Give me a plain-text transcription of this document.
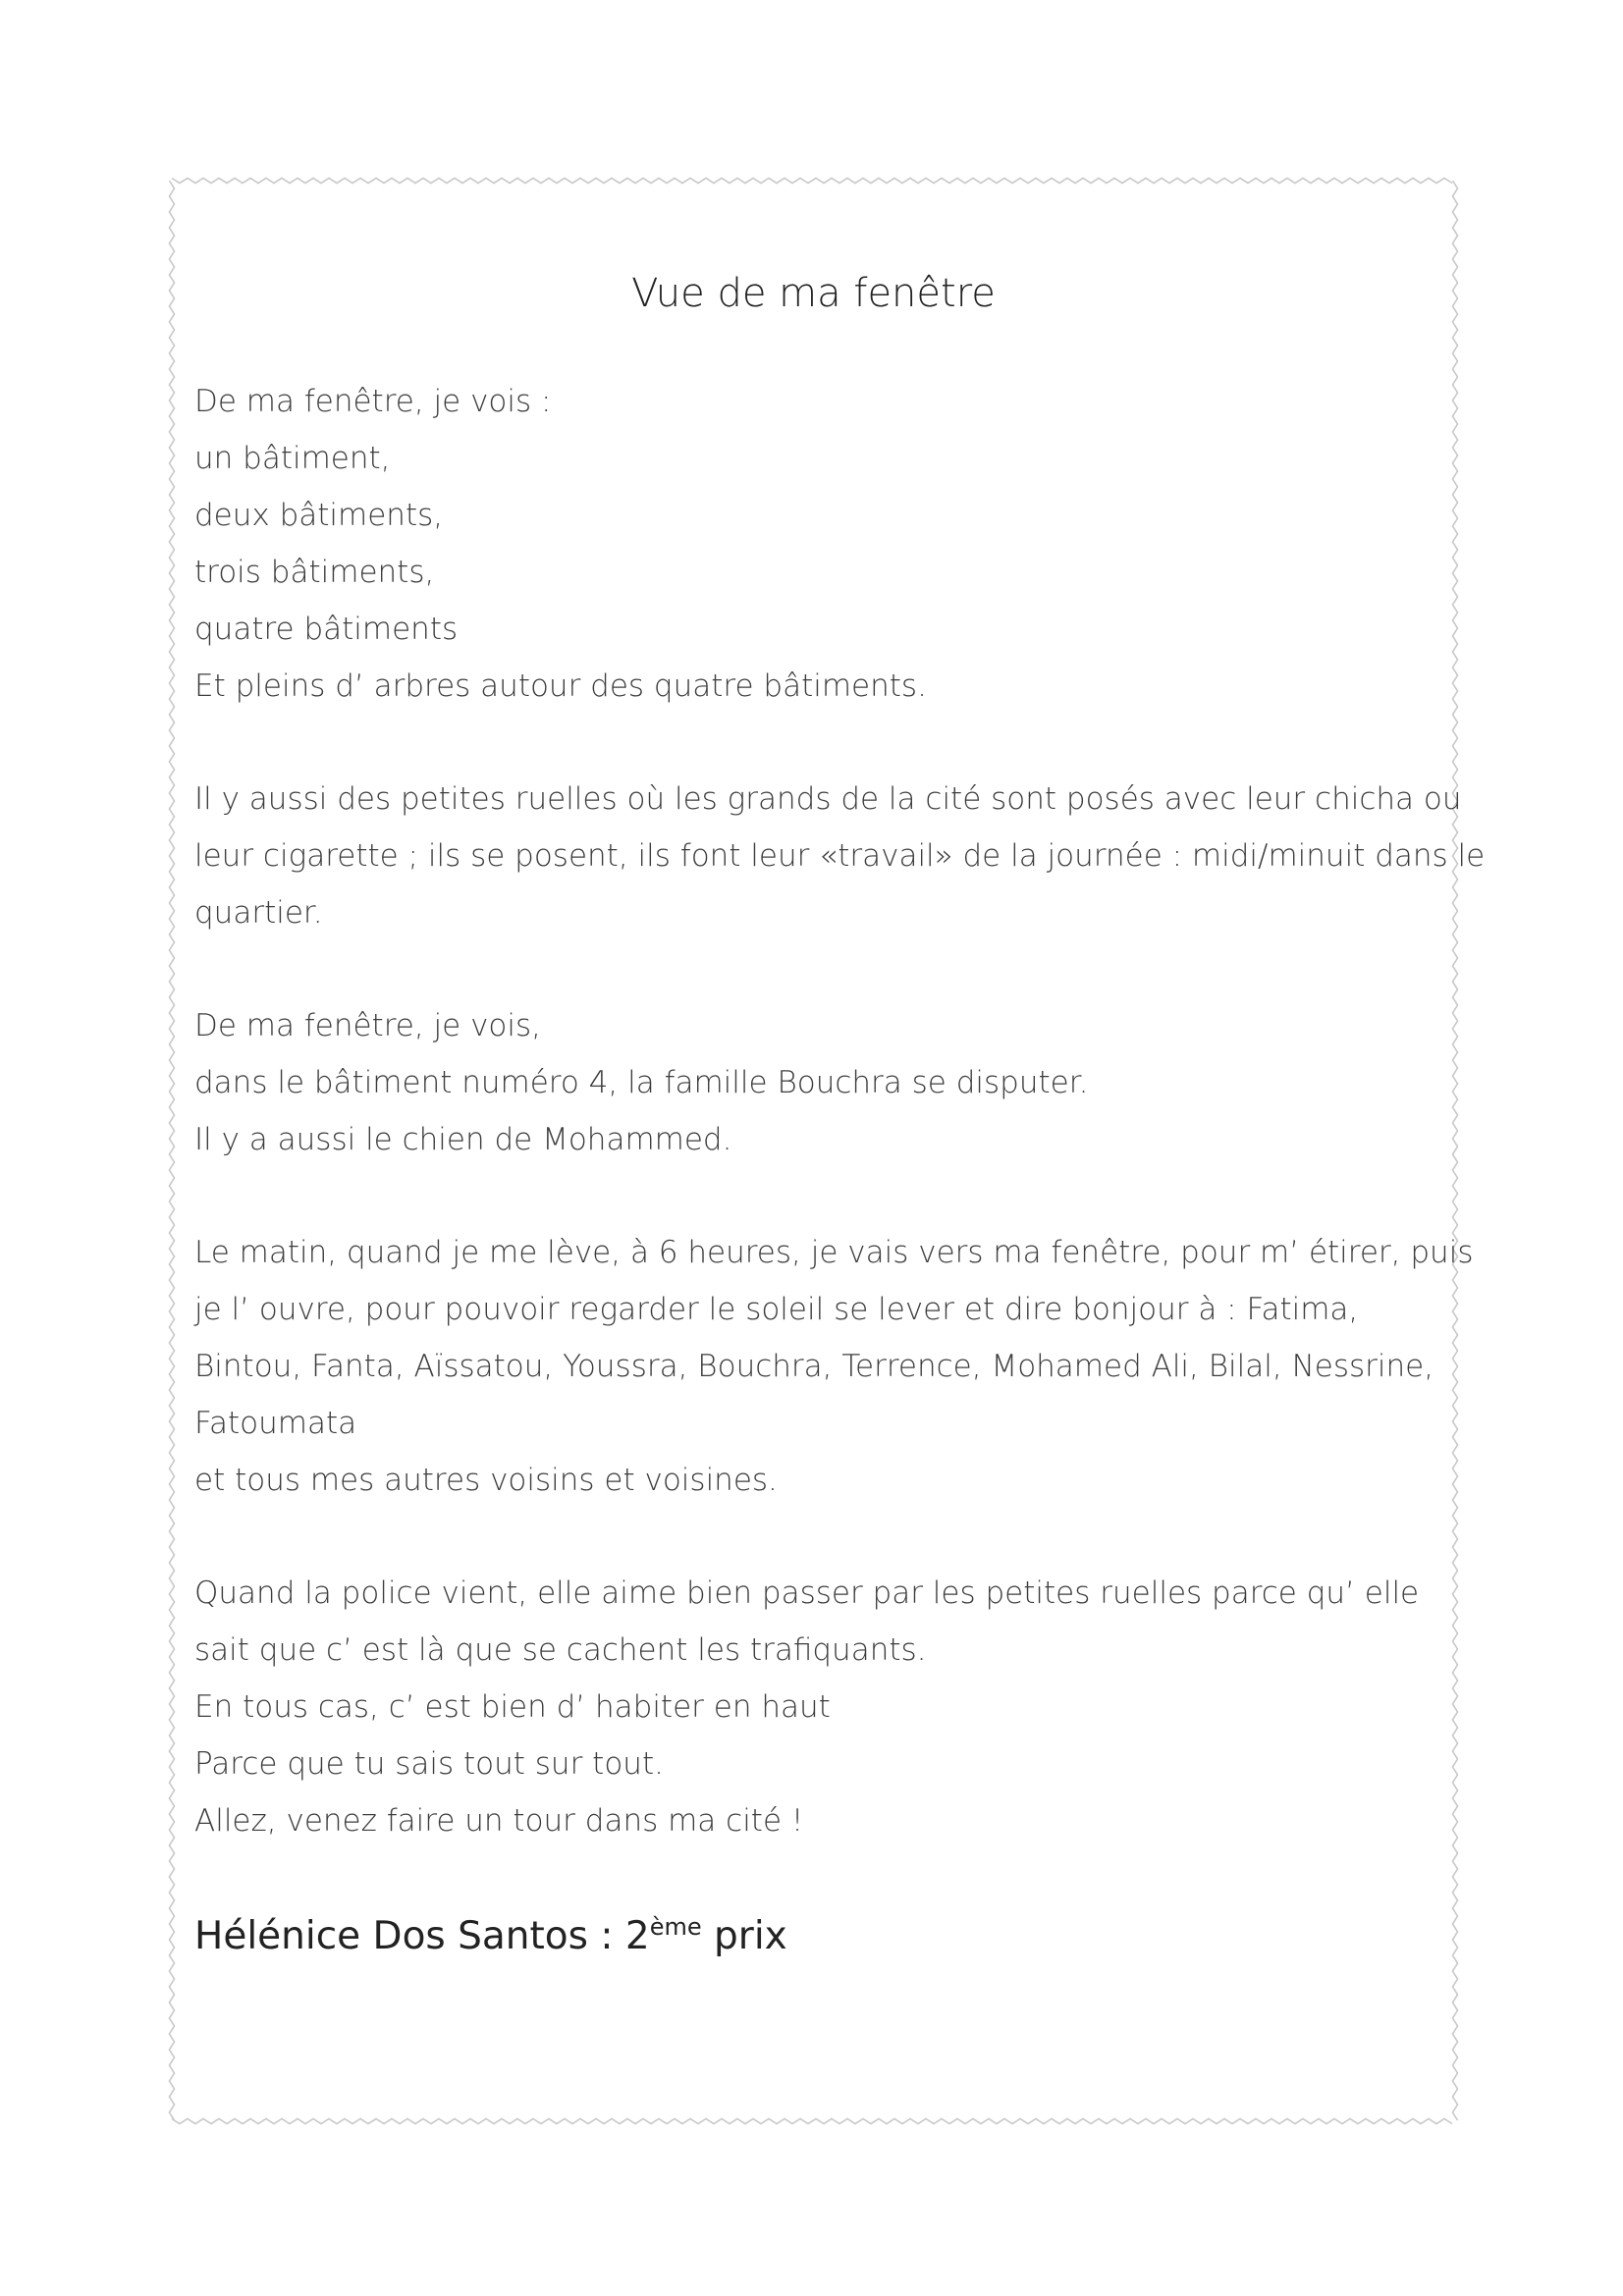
Vue de ma fenêtre
De ma fenêtre, je vois :
un bâtiment,
deux bâtiments,
trois bâtiments,
quatre bâtiments
Et pleins d’ arbres autour des quatre bâtiments.
Il y aussi des petites ruelles où les grands de la cité sont posés avec leur chicha ou
leur cigarette ; ils se posent, ils font leur «travail» de la journée : midi/minuit dans le
quartier.
De ma fenêtre, je vois,
dans le bâtiment numéro 4, la famille Bouchra se disputer.
Il y a aussi le chien de Mohammed.
Le matin, quand je me lève, à 6 heures, je vais vers ma fenêtre, pour m’ étirer, puis
je l’ ouvre, pour pouvoir regarder le soleil se lever et dire bonjour à : Fatima,
Bintou, Fanta, Aïssatou, Youssra, Bouchra, Terrence, Mohamed Ali, Bilal, Nessrine,
Fatoumata
et tous mes autres voisins et voisines.
Quand la police vient, elle aime bien passer par les petites ruelles parce qu’ elle
sait que c’ est là que se cachent les trafiquants.
En tous cas, c’ est bien d’ habiter en haut
Parce que tu sais tout sur tout.
Allez, venez faire un tour dans ma cité !
Hélénice Dos Santos : 2ème prix
